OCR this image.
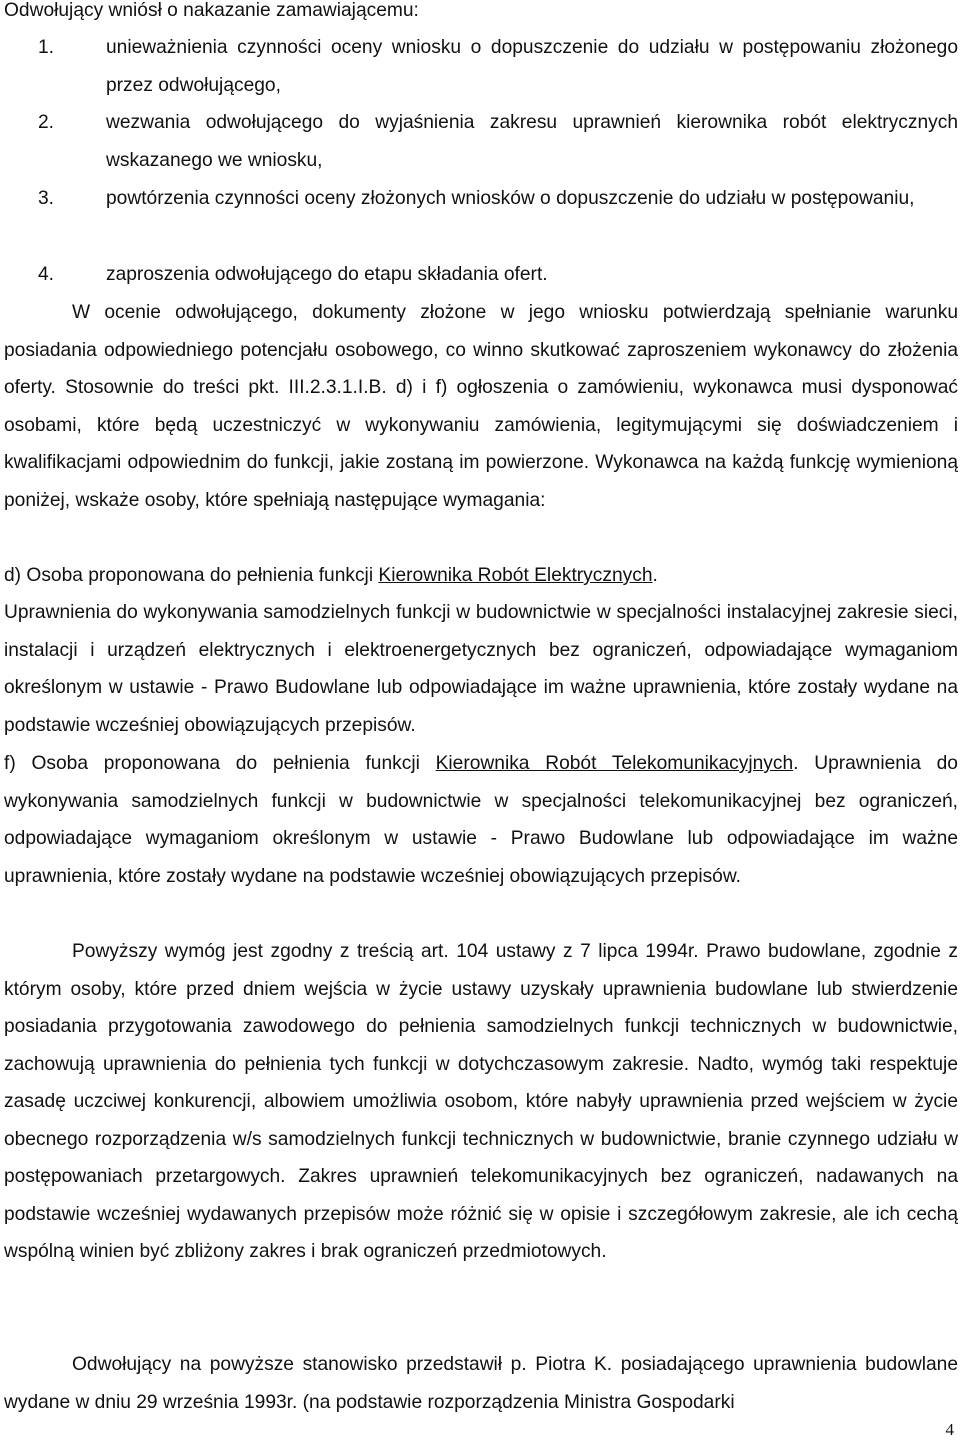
Odwołujący wniósł o nakazanie zamawiającemu:

1.	unieważnienia czynności oceny wniosku o dopuszczenie do udziału w postępowaniu złożonego przez odwołującego,

2.	wezwania odwołującego do wyjaśnienia zakresu uprawnień kierownika robót elektrycznych wskazanego we wniosku,

3.	powtórzenia czynności oceny złożonych wniosków o dopuszczenie do udziału w postępowaniu,

4.	zaproszenia odwołującego do etapu składania ofert.

W ocenie odwołującego, dokumenty złożone w jego wniosku potwierdzają spełnianie warunku posiadania odpowiedniego potencjału osobowego, co winno skutkować zaproszeniem wykonawcy do złożenia oferty. Stosownie do treści pkt. III.2.3.1.I.B. d) i f) ogłoszenia o zamówieniu, wykonawca musi dysponować osobami, które będą uczestniczyć w wykonywaniu zamówienia, legitymującymi się doświadczeniem i kwalifikacjami odpowiednim do funkcji, jakie zostaną im powierzone. Wykonawca na każdą funkcję wymienioną poniżej, wskaże osoby, które spełniają następujące wymagania:

d) Osoba proponowana do pełnienia funkcji Kierownika Robót Elektrycznych.

Uprawnienia do wykonywania samodzielnych funkcji w budownictwie w specjalności instalacyjnej zakresie sieci, instalacji i urządzeń elektrycznych i elektroenergetycznych bez ograniczeń, odpowiadające wymaganiom określonym w ustawie - Prawo Budowlane lub odpowiadające im ważne uprawnienia, które zostały wydane na podstawie wcześniej obowiązujących przepisów.

f) Osoba proponowana do pełnienia funkcji Kierownika Robót Telekomunikacyjnych. Uprawnienia do wykonywania samodzielnych funkcji w budownictwie w specjalności telekomunikacyjnej bez ograniczeń, odpowiadające wymaganiom określonym w ustawie - Prawo Budowlane lub odpowiadające im ważne uprawnienia, które zostały wydane na podstawie wcześniej obowiązujących przepisów.

Powyższy wymóg jest zgodny z treścią art. 104 ustawy z 7 lipca 1994r. Prawo budowlane, zgodnie z którym osoby, które przed dniem wejścia w życie ustawy uzyskały uprawnienia budowlane lub stwierdzenie posiadania przygotowania zawodowego do pełnienia samodzielnych funkcji technicznych w budownictwie, zachowują uprawnienia do pełnienia tych funkcji w dotychczasowym zakresie. Nadto, wymóg taki respektuje zasadę uczciwej konkurencji, albowiem umożliwia osobom, które nabyły uprawnienia przed wejściem w życie obecnego rozporządzenia w/s samodzielnych funkcji technicznych w budownictwie, branie czynnego udziału w postępowaniach przetargowych. Zakres uprawnień telekomunikacyjnych bez ograniczeń, nadawanych na podstawie wcześniej wydawanych przepisów może różnić się w opisie i szczegółowym zakresie, ale ich cechą wspólną winien być zbliżony zakres i brak ograniczeń przedmiotowych.

Odwołujący na powyższe stanowisko przedstawił p. Piotra K. posiadającego uprawnienia budowlane wydane w dniu 29 września 1993r. (na podstawie rozporządzenia Ministra Gospodarki

4
